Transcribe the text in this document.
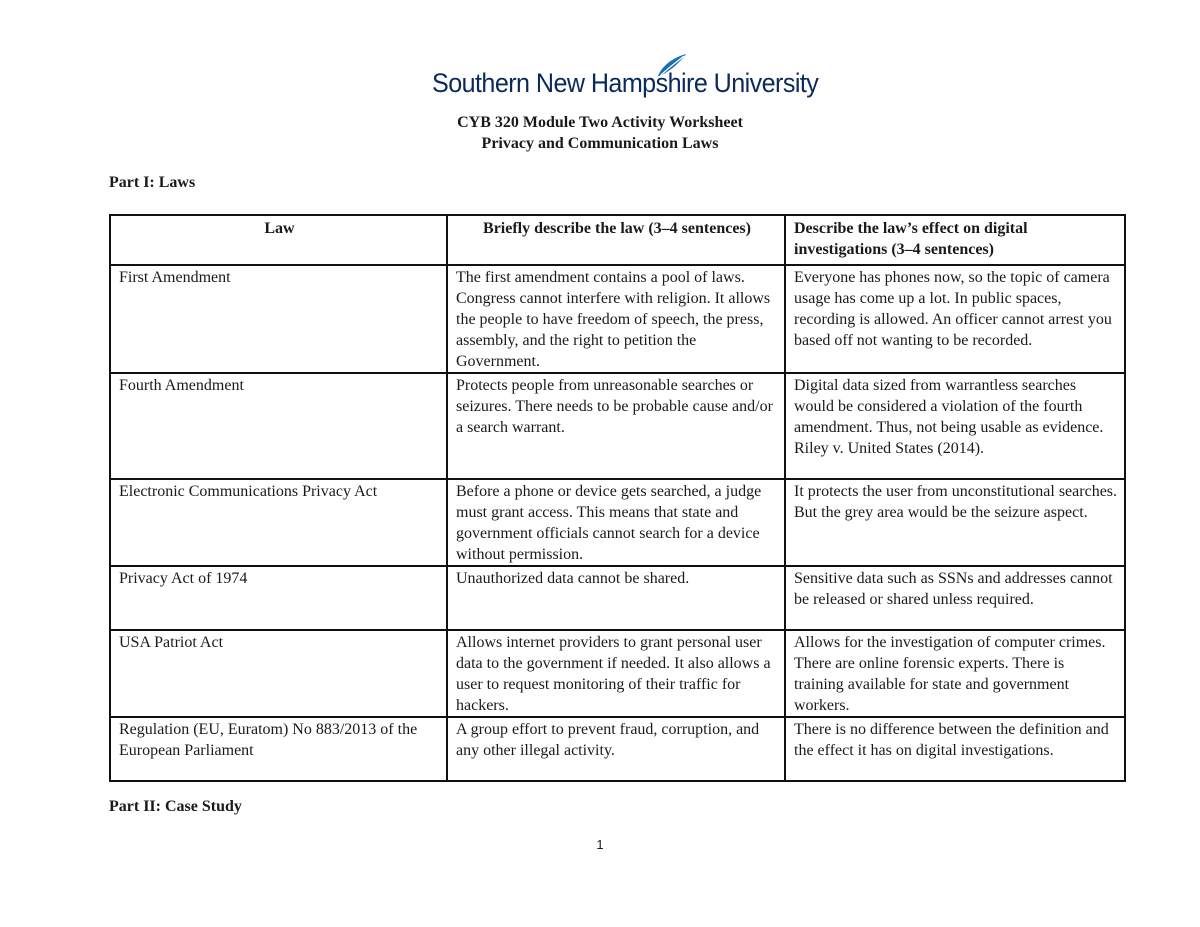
Southern New Hampshire University
CYB 320 Module Two Activity Worksheet
Privacy and Communication Laws
Part I: Laws
Law	Briefly describe the law (3–4 sentences)	Describe the law’s effect on digital investigations (3–4 sentences)
First Amendment	The first amendment contains a pool of laws. Congress cannot interfere with religion. It allows the people to have freedom of speech, the press, assembly, and the right to petition the Government.	Everyone has phones now, so the topic of camera usage has come up a lot. In public spaces, recording is allowed. An officer cannot arrest you based off not wanting to be recorded.
Fourth Amendment	Protects people from unreasonable searches or seizures. There needs to be probable cause and/or a search warrant.	Digital data sized from warrantless searches would be considered a violation of the fourth amendment. Thus, not being usable as evidence. Riley v. United States (2014).
Electronic Communications Privacy Act	Before a phone or device gets searched, a judge must grant access. This means that state and government officials cannot search for a device without permission.	It protects the user from unconstitutional searches. But the grey area would be the seizure aspect.
Privacy Act of 1974	Unauthorized data cannot be shared.	Sensitive data such as SSNs and addresses cannot be released or shared unless required.
USA Patriot Act	Allows internet providers to grant personal user data to the government if needed. It also allows a user to request monitoring of their traffic for hackers.	Allows for the investigation of computer crimes. There are online forensic experts. There is training available for state and government workers.
Regulation (EU, Euratom) No 883/2013 of the European Parliament	A group effort to prevent fraud, corruption, and any other illegal activity.	There is no difference between the definition and the effect it has on digital investigations.
Part II: Case Study
1
